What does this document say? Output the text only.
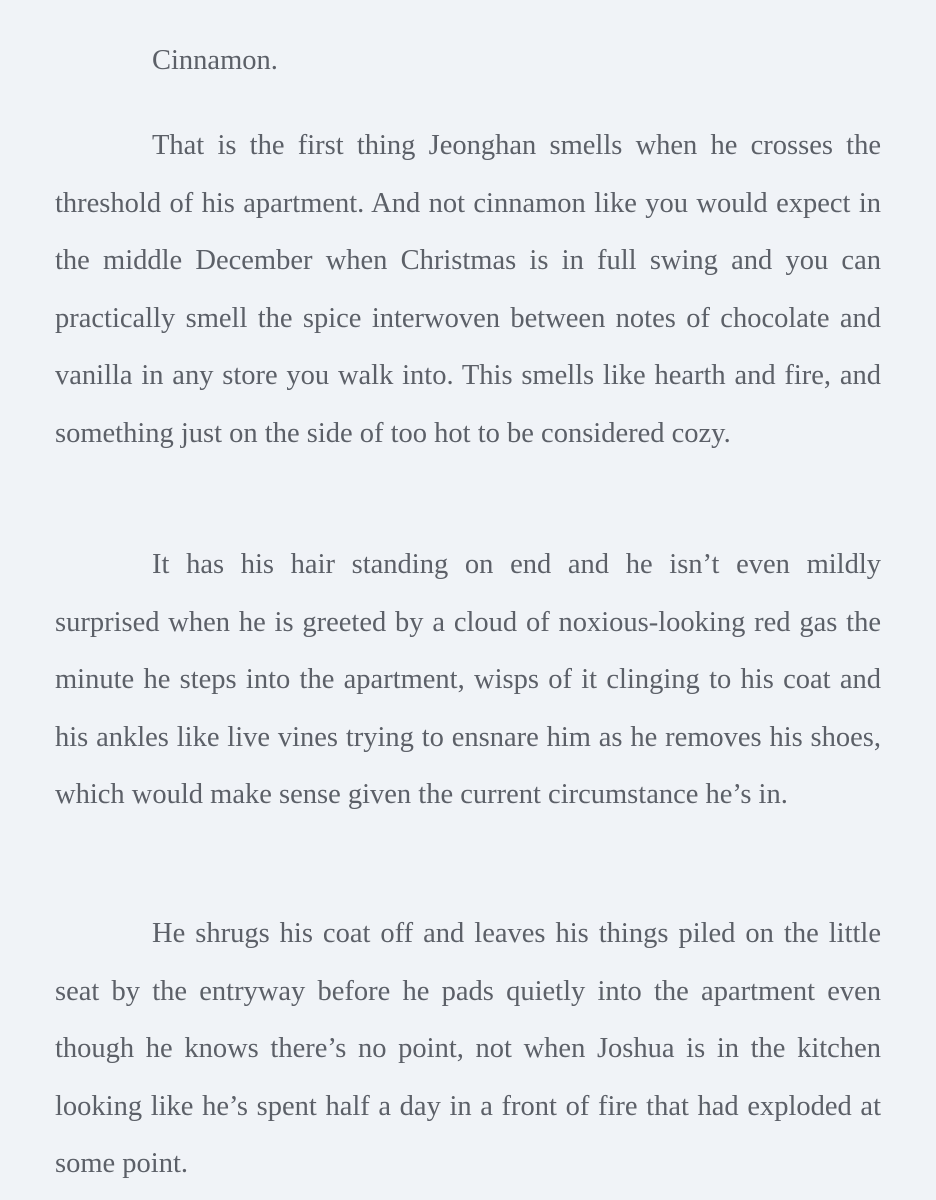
Cinnamon.

That is the first thing Jeonghan smells when he crosses the threshold of his apartment. And not cinnamon like you would expect in the middle December when Christmas is in full swing and you can practically smell the spice interwoven between notes of chocolate and vanilla in any store you walk into. This smells like hearth and fire, and something just on the side of too hot to be considered cozy.

It has his hair standing on end and he isn’t even mildly surprised when he is greeted by a cloud of noxious-looking red gas the minute he steps into the apartment, wisps of it clinging to his coat and his ankles like live vines trying to ensnare him as he removes his shoes, which would make sense given the current circumstance he’s in.

He shrugs his coat off and leaves his things piled on the little seat by the entryway before he pads quietly into the apartment even though he knows there’s no point, not when Joshua is in the kitchen looking like he’s spent half a day in a front of fire that had exploded at some point.
